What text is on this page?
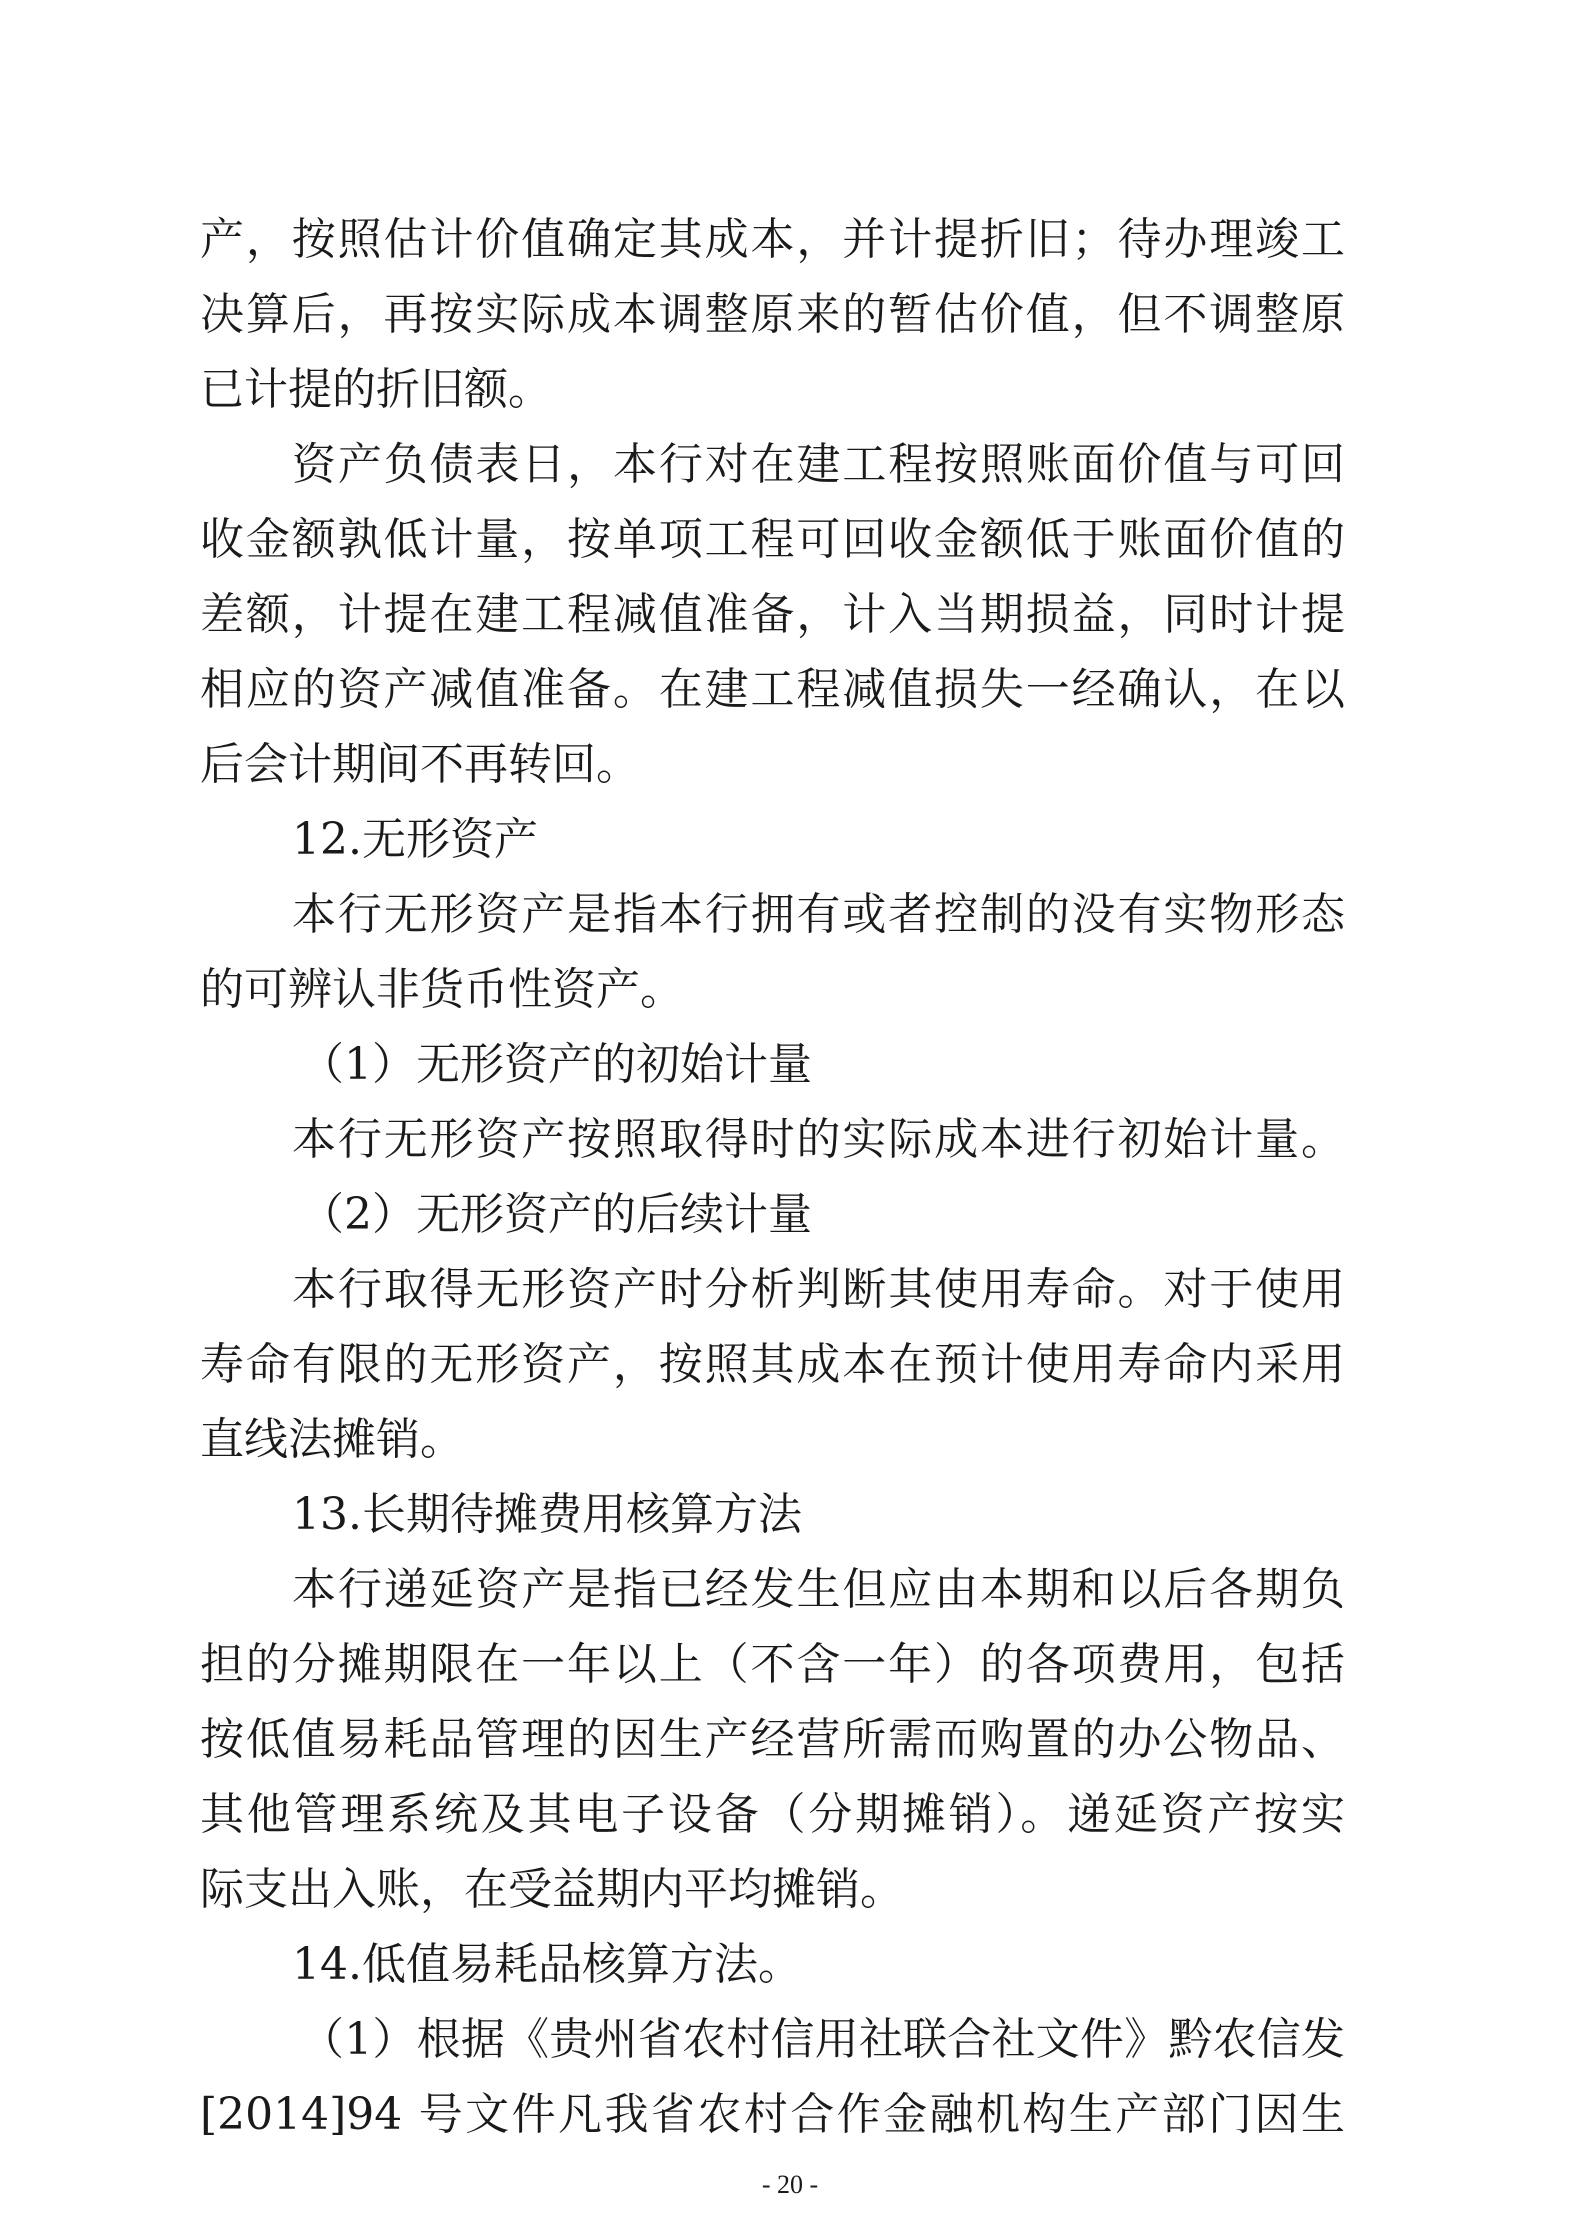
产，按照估计价值确定其成本，并计提折旧；待办理竣工
决算后，再按实际成本调整原来的暂估价值，但不调整原
已计提的折旧额。
资产负债表日，本行对在建工程按照账面价值与可回
收金额孰低计量，按单项工程可回收金额低于账面价值的
差额，计提在建工程减值准备，计入当期损益，同时计提
相应的资产减值准备。在建工程减值损失一经确认，在以
后会计期间不再转回。
12.无形资产
本行无形资产是指本行拥有或者控制的没有实物形态
的可辨认非货币性资产。
（1）无形资产的初始计量
本行无形资产按照取得时的实际成本进行初始计量。
（2）无形资产的后续计量
本行取得无形资产时分析判断其使用寿命。对于使用
寿命有限的无形资产，按照其成本在预计使用寿命内采用
直线法摊销。
13.长期待摊费用核算方法
本行递延资产是指已经发生但应由本期和以后各期负
担的分摊期限在一年以上（不含一年）的各项费用，包括
按低值易耗品管理的因生产经营所需而购置的办公物品、
其他管理系统及其电子设备（分期摊销）。递延资产按实
际支出入账，在受益期内平均摊销。
14.低值易耗品核算方法。
（1）根据《贵州省农村信用社联合社文件》黔农信发
[2014]94 号文件凡我省农村合作金融机构生产部门因生
- 20 -
